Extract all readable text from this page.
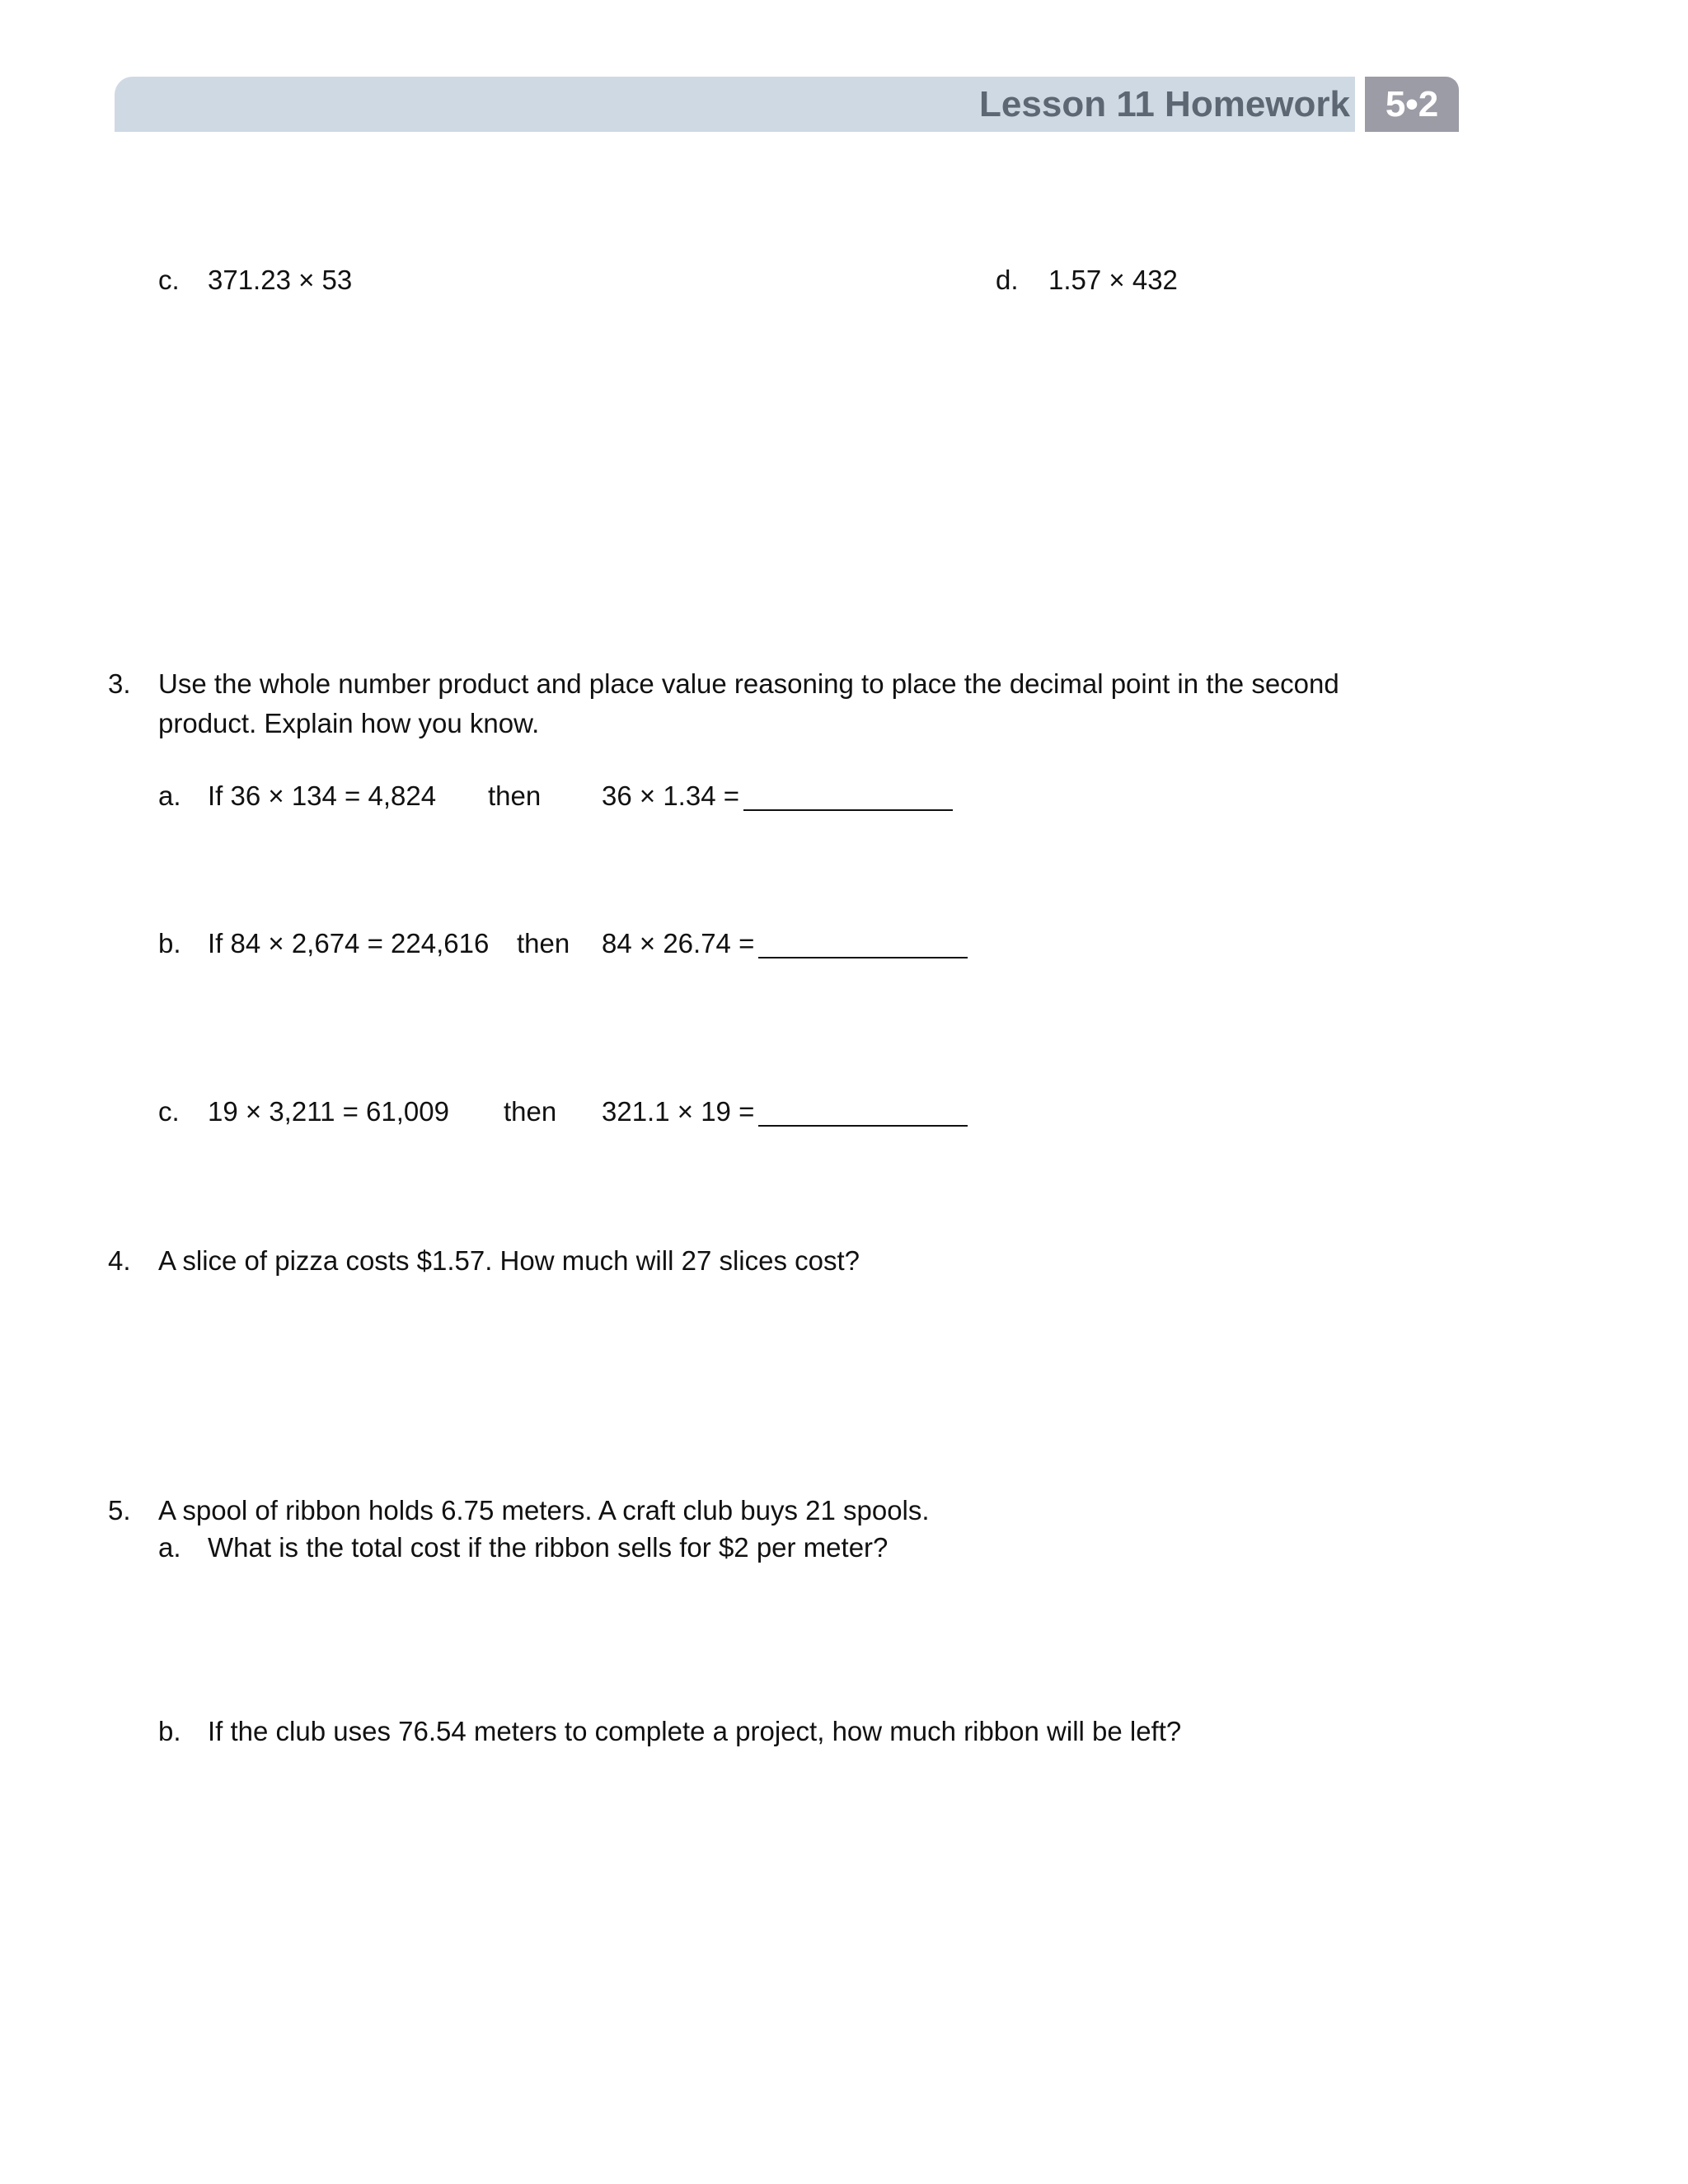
Lesson 11 Homework 5•2
c. 371.23 × 53	d. 1.57 × 432
3. Use the whole number product and place value reasoning to place the decimal point in the second
product. Explain how you know.
a. If 36 × 134 = 4,824 then 36 × 1.34 =
b. If 84 × 2,674 = 224,616 then 84 × 26.74 =
c. 19 × 3,211 = 61,009 then 321.1 × 19 =
4. A slice of pizza costs $1.57. How much will 27 slices cost?
5. A spool of ribbon holds 6.75 meters. A craft club buys 21 spools.
a. What is the total cost if the ribbon sells for $2 per meter?
b. If the club uses 76.54 meters to complete a project, how much ribbon will be left?
